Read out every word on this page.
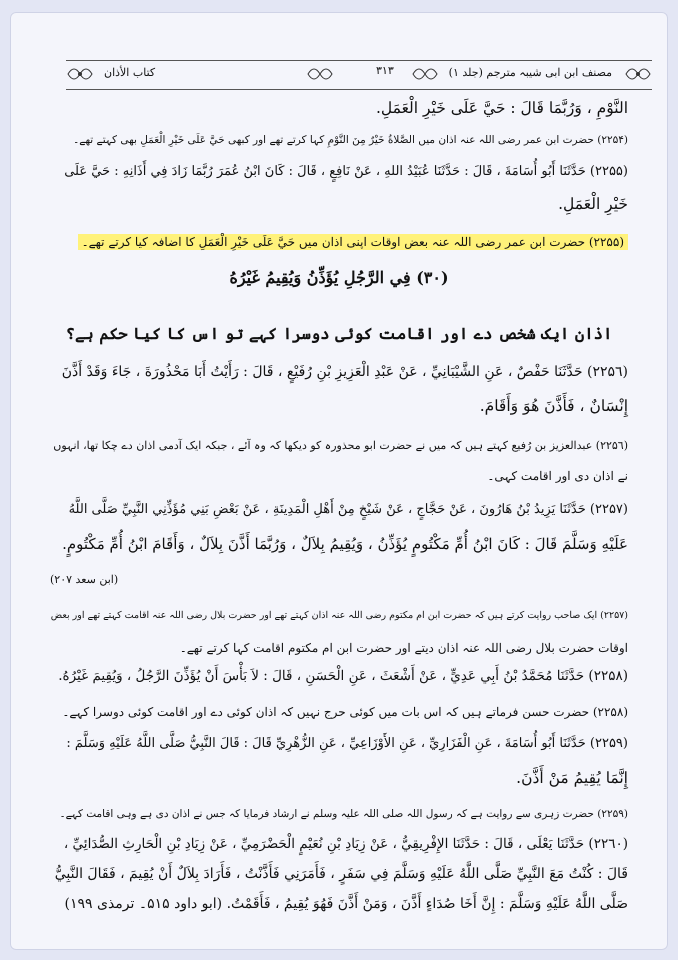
کتاب الأذان	۳۱۳	مصنف ابن ابی شیبہ مترجم (جلد ۱)
النَّوْمِ ، وَرُبَّمَا قَالَ : حَيَّ عَلَى خَيْرِ الْعَمَلِ.
(۲۲۵۴) حضرت ابن عمر رضی اللہ عنہ اذان میں الصَّلاةُ خَيْرٌ مِنَ النَّوْمِ کہا کرتے تھے اور کبھی حَيَّ عَلَى خَيْرِ الْعَمَلِ بھی کہتے تھے۔
(۲۲۵۵) حَدَّثَنَا أَبُو أُسَامَةَ ، قَالَ : حَدَّثَنَا عُبَيْدُ اللهِ ، عَنْ نَافِعٍ ، قَالَ : كَانَ ابْنُ عُمَرَ رُبَّمَا زَادَ فِي أَذَانِهِ : حَيَّ عَلَى
خَيْرِ الْعَمَلِ.
(۲۲۵۵) حضرت ابن عمر رضی اللہ عنہ بعض اوقات اپنی اذان میں حَيَّ عَلَى خَيْرِ الْعَمَلِ کا اضافہ کیا کرتے تھے۔
(۳۰) فِي الرَّجُلِ يُؤَذِّنُ وَيُقِيمُ غَيْرُهُ
اذان ایک شخص دے اور اقامت کوئی دوسرا کہے تو اس کا کیا حکم ہے؟
(۲۲۵٦) حَدَّثَنَا حَفْصٌ ، عَنِ الشَّيْبَانِيِّ ، عَنْ عَبْدِ الْعَزِيزِ بْنِ رُفَيْعٍ ، قَالَ : رَأَيْتُ أَبَا مَحْذُورَةَ ، جَاءَ وَقَدْ أَذَّنَ
إِنْسَانٌ ، فَأَذَّنَ هُوَ وَأَقَامَ.
(۲۲۵٦) عبدالعزیز بن رُفیع کہتے ہیں کہ میں نے حضرت ابو محذورہ کو دیکھا کہ وہ آئے ، جبکہ ایک آدمی اذان دے چکا تھا، انہوں
نے اذان دی اور اقامت کہی۔
(۲۲۵۷) حَدَّثَنَا يَزِيدُ بْنُ هَارُونَ ، عَنْ حَجَّاجٍ ، عَنْ شَيْخٍ مِنْ أَهْلِ الْمَدِينَةِ ، عَنْ بَعْضِ بَنِي مُؤَذِّنِي النَّبِيِّ صَلَّى اللَّهُ
عَلَيْهِ وَسَلَّمَ قَالَ : كَانَ ابْنُ أُمِّ مَكْتُومٍ يُؤَذِّنُ ، وَيُقِيمُ بِلاَلٌ ، وَرُبَّمَا أَذَّنَ بِلاَلٌ ، وَأَقَامَ ابْنُ أُمِّ مَكْتُومٍ.
(ابن سعد ۲۰۷)
(۲۲۵۷) ایک صاحب روایت کرتے ہیں کہ حضرت ابن ام مکتوم رضی اللہ عنہ اذان کہتے تھے اور حضرت بلال رضی اللہ عنہ اقامت کہتے تھے اور بعض
اوقات حضرت بلال رضی اللہ عنہ اذان دیتے اور حضرت ابن ام مکتوم اقامت کہا کرتے تھے۔
(۲۲۵۸) حَدَّثَنَا مُحَمَّدُ بْنُ أَبِي عَدِيٍّ ، عَنْ أَشْعَثَ ، عَنِ الْحَسَنِ ، قَالَ : لاَ بَأْسَ أَنْ يُؤَذِّنَ الرَّجُلُ ، وَيُقِيمَ غَيْرُهُ.
(۲۲۵۸) حضرت حسن فرماتے ہیں کہ اس بات میں کوئی حرج نہیں کہ اذان کوئی دے اور اقامت کوئی دوسرا کہے۔
(۲۲۵۹) حَدَّثَنَا أَبُو أُسَامَةَ ، عَنِ الْفَزَارِيِّ ، عَنِ الأَوْزَاعِيِّ ، عَنِ الزُّهْرِيِّ قَالَ : قَالَ النَّبِيُّ صَلَّى اللَّهُ عَلَيْهِ وَسَلَّمَ :
إِنَّمَا يُقِيمُ مَنْ أَذَّنَ.
(۲۲۵۹) حضرت زہری سے روایت ہے کہ رسول اللہ صلی اللہ علیہ وسلم نے ارشاد فرمایا کہ جس نے اذان دی ہے وہی اقامت کہے۔
(۲۲٦۰) حَدَّثَنَا يَعْلَى ، قَالَ : حَدَّثَنَا الإِفْرِيقِيُّ ، عَنْ زِيَادِ بْنِ نُعَيْمٍ الْحَضْرَمِيِّ ، عَنْ زِيَادِ بْنِ الْحَارِثِ الصُّدَائِيِّ ،
قَالَ : كُنْتُ مَعَ النَّبِيِّ صَلَّى اللَّهُ عَلَيْهِ وَسَلَّمَ فِي سَفَرٍ ، فَأَمَرَنِي فَأَذَّنْتُ ، فَأَرَادَ بِلاَلٌ أَنْ يُقِيمَ ، فَقَالَ النَّبِيُّ
صَلَّى اللَّهُ عَلَيْهِ وَسَلَّمَ : إِنَّ أَخَا صُدَاءٍ أَذَّنَ ، وَمَنْ أَذَّنَ فَهُوَ يُقِيمُ ، فَأَقَمْتُ. (ابو داود ۵۱۵۔ ترمذی ۱۹۹)
